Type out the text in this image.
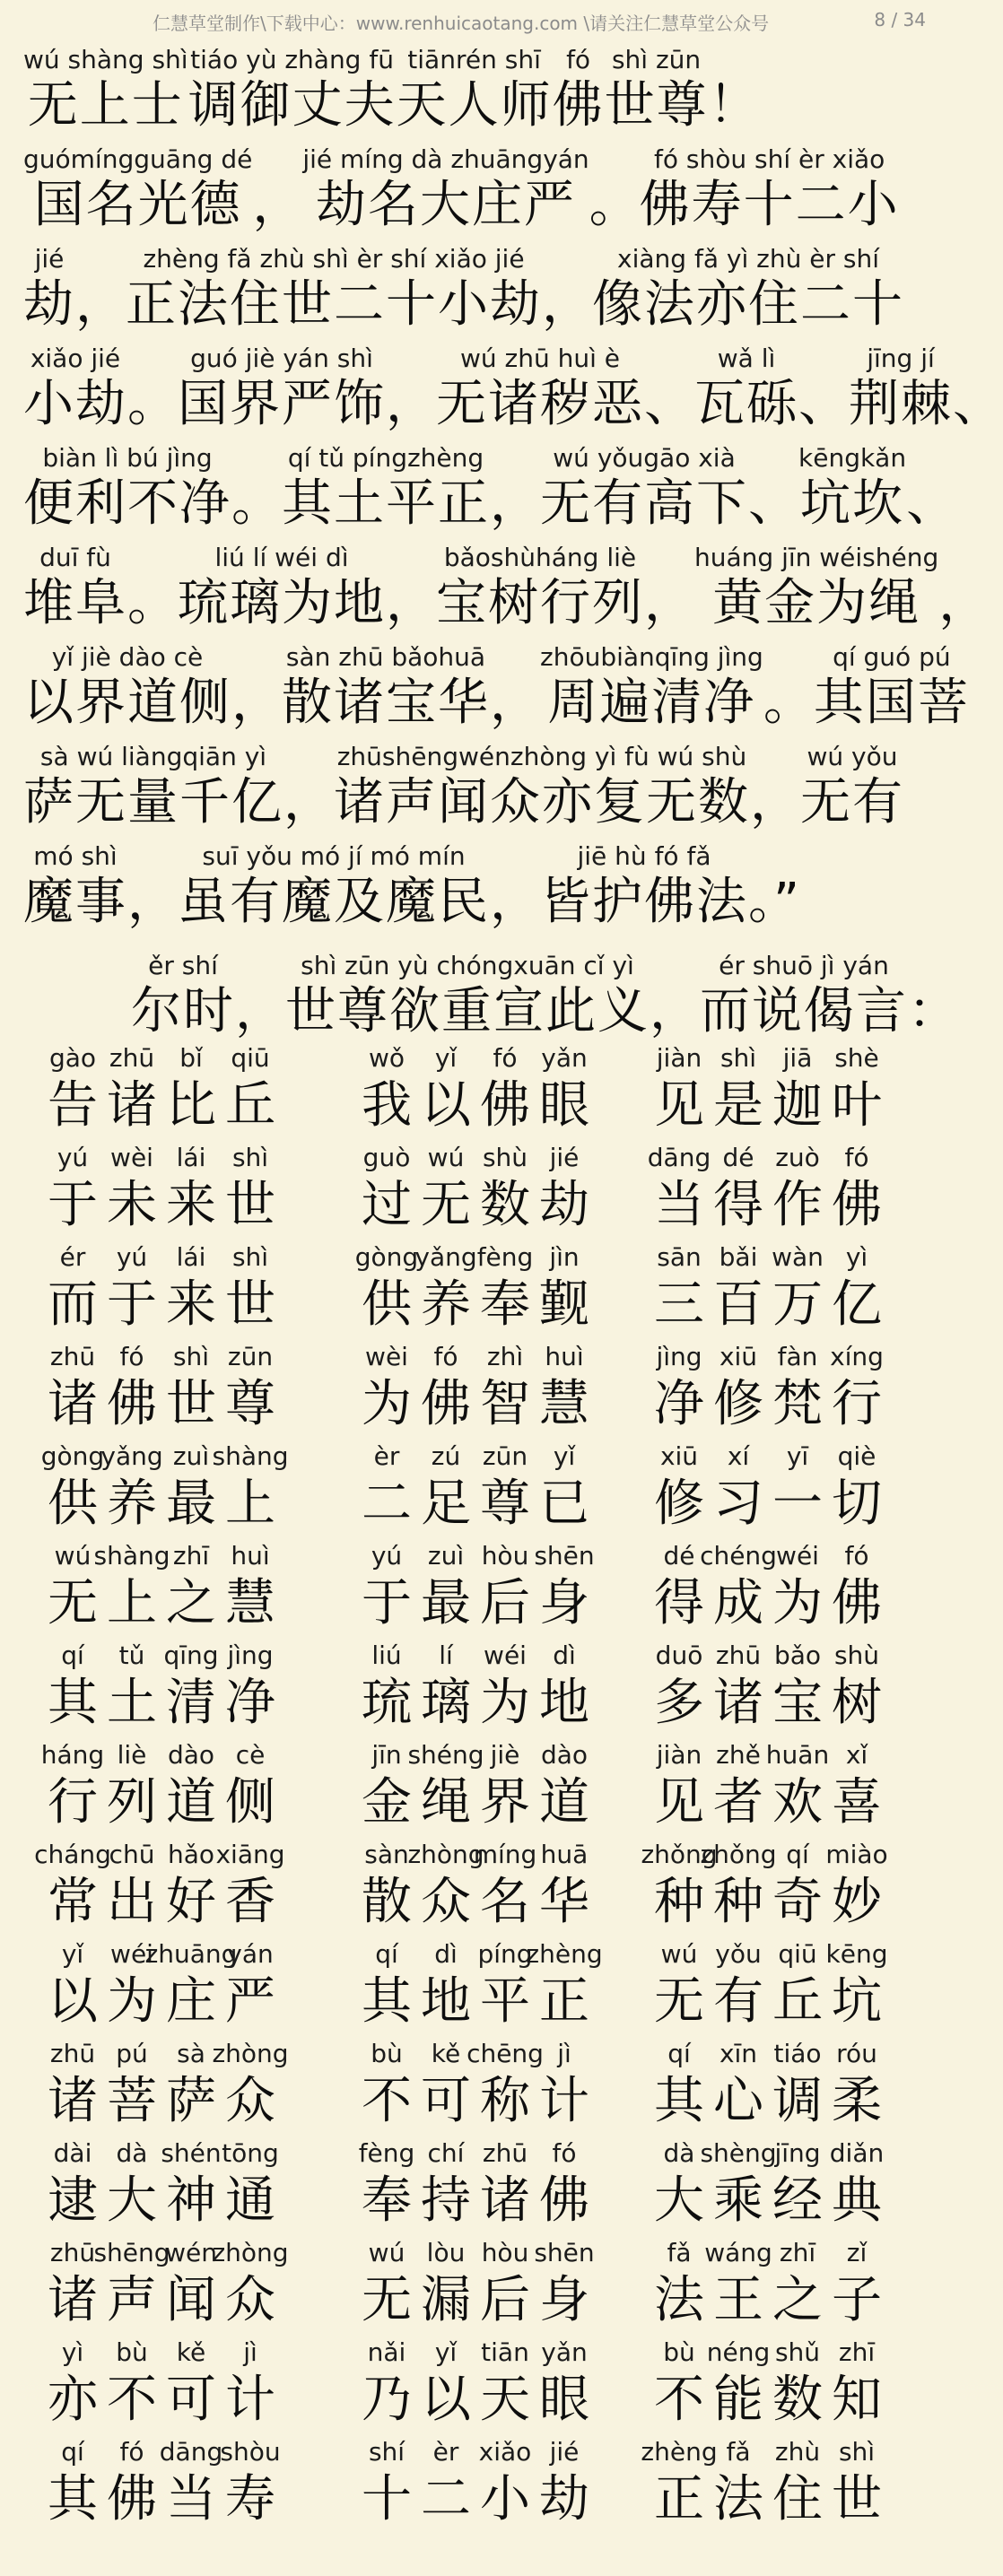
仁慧草堂制作\下载中心：www.renhuicaotang.com \请关注仁慧草堂公众号	8 / 34
wú shàng shì
无上士
tiáo yù zhàng fū
调御丈夫
tiānrén shī
天人师
fó
佛
shì zūn
世尊 ！
guómíngguāng dé
国名光德 ，
jié míng dà zhuāngyán
劫名大庄严 。
fó shòu shí èr xiǎo
佛寿十二小
jié
劫 ，
zhèng fǎ zhù shì èr shí xiǎo jié
正法住世二十小劫 ，
xiàng fǎ yì zhù èr shí
像法亦住二十
xiǎo jié
小劫 。
guó jiè yán shì
国界严饰 ，
wú zhū huì è
无诸秽恶 、
wǎ lì
瓦砾 、
jīng jí
荆棘 、
biàn lì bú jìng
便利不净 。
qí tǔ píngzhèng
其土平正 ，
wú yǒugāo xià
无有高下 、
kēngkǎn
坑坎 、
duī fù
堆阜 。
liú lí wéi dì
琉璃为地 ，
bǎoshùháng liè
宝树行列 ，
huáng jīn wéishéng
黄金为绳 ，
yǐ jiè dào cè
以界道侧 ，
sàn zhū bǎohuā
散诸宝华 ，
zhōubiànqīng jìng
周遍清净 。
qí guó pú
其国菩
sà wú liàngqiān yì
萨无量千亿 ，
zhūshēngwénzhòng yì fù wú shù
诸声闻众亦复无数 ，
wú yǒu
无有
mó shì
魔事 ，
suī yǒu mó jí mó mín
虽有魔及魔民 ，
jiē hù fó fǎ
皆护佛法 。”
ěr shí
尔时 ，
shì zūn yù chóngxuān cǐ yì
世尊欲重宣此义 ，
ér shuō jì yán
而说偈言 ：
gào
告
zhū
诸
bǐ
比
qiū
丘
wǒ
我
yǐ
以
fó
佛
yǎn
眼
jiàn
见
shì
是
jiā
迦
shè
叶
yú
于
wèi
未
lái
来
shì
世
guò
过
wú
无
shù
数
jié
劫
dāng
当
dé
得
zuò
作
fó
佛
ér
而
yú
于
lái
来
shì
世
gòng
供
yǎng
养
fèng
奉
jìn
觐
sān
三
bǎi
百
wàn
万
yì
亿
zhū
诸
fó
佛
shì
世
zūn
尊
wèi
为
fó
佛
zhì
智
huì
慧
jìng
净
xiū
修
fàn
梵
xíng
行
gòng
供
yǎng
养
zuì
最
shàng
上
èr
二
zú
足
zūn
尊
yǐ
已
xiū
修
xí
习
yī
一
qiè
切
wú
无
shàng
上
zhī
之
huì
慧
yú
于
zuì
最
hòu
后
shēn
身
dé
得
chéng
成
wéi
为
fó
佛
qí
其
tǔ
土
qīng
清
jìng
净
liú
琉
lí
璃
wéi
为
dì
地
duō
多
zhū
诸
bǎo
宝
shù
树
háng
行
liè
列
dào
道
cè
侧
jīn
金
shéng
绳
jiè
界
dào
道
jiàn
见
zhě
者
huān
欢
xǐ
喜
cháng
常
chū
出
hǎo
好
xiāng
香
sàn
散
zhòng
众
míng
名
huā
华
zhǒng
种
zhǒng
种
qí
奇
miào
妙
yǐ
以
wéi
为
zhuāng
庄
yán
严
qí
其
dì
地
píng
平
zhèng
正
wú
无
yǒu
有
qiū
丘
kēng
坑
zhū
诸
pú
菩
sà
萨
zhòng
众
bù
不
kě
可
chēng
称
jì
计
qí
其
xīn
心
tiáo
调
róu
柔
dài
逮
dà
大
shén
神
tōng
通
fèng
奉
chí
持
zhū
诸
fó
佛
dà
大
shèng
乘
jīng
经
diǎn
典
zhū
诸
shēng
声
wén
闻
zhòng
众
wú
无
lòu
漏
hòu
后
shēn
身
fǎ
法
wáng
王
zhī
之
zǐ
子
yì
亦
bù
不
kě
可
jì
计
nǎi
乃
yǐ
以
tiān
天
yǎn
眼
bù
不
néng
能
shǔ
数
zhī
知
qí
其
fó
佛
dāng
当
shòu
寿
shí
十
èr
二
xiǎo
小
jié
劫
zhèng
正
fǎ
法
zhù
住
shì
世
